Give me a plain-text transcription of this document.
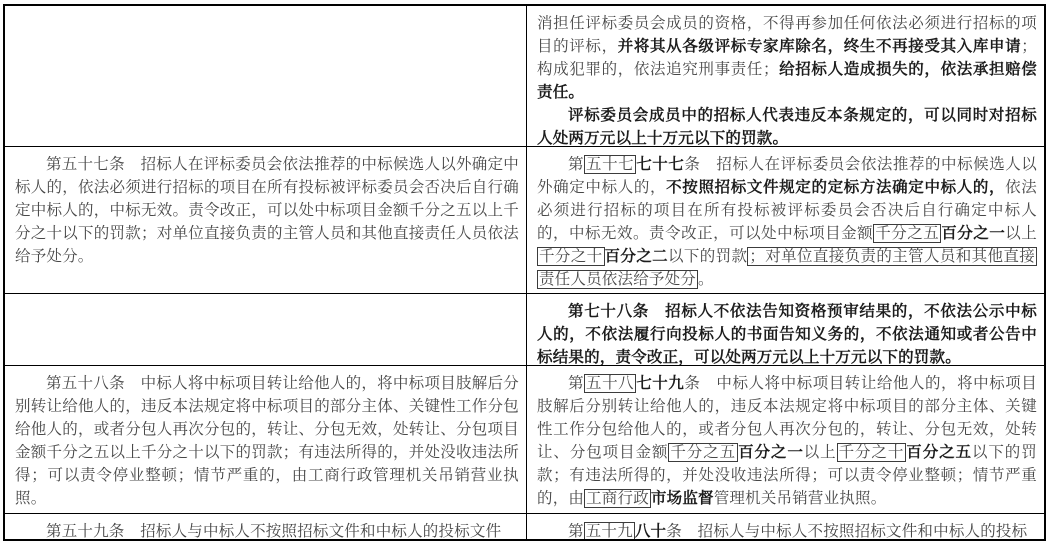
消担任评标委员会成员的资格，不得再参加任何依法必须进行招标的项目的评标，并将其从各级评标专家库除名，终生不再接受其入库申请；构成犯罪的，依法追究刑事责任；给招标人造成损失的，依法承担赔偿责任。

评标委员会成员中的招标人代表违反本条规定的，可以同时对招标人处两万元以上十万元以下的罚款。

第五十七条　招标人在评标委员会依法推荐的中标候选人以外确定中标人的，依法必须进行招标的项目在所有投标被评标委员会否决后自行确定中标人的，中标无效。责令改正，可以处中标项目金额千分之五以上千分之十以下的罚款；对单位直接负责的主管人员和其他直接责任人员依法给予处分。

第 五十七 七十七条　招标人在评标委员会依法推荐的中标候选人以外确定中标人的，不按照招标文件规定的定标方法确定中标人的，依法必须进行招标的项目在所有投标被评标委员会否决后自行确定中标人的，中标无效。责令改正，可以处中标项目金额 千分之五 百分之一以上千分之十 百分之二以下的罚款 ；对单位直接负责的主管人员和其他直接责任人员依法给予处分 。

第七十八条　招标人不依法告知资格预审结果的，不依法公示中标人的，不依法履行向投标人的书面告知义务的，不依法通知或者公告中标结果的，责令改正，可以处两万元以上十万元以下的罚款。

第五十八条　中标人将中标项目转让给他人的，将中标项目肢解后分别转让给他人的，违反本法规定将中标项目的部分主体、关键性工作分包给他人的，或者分包人再次分包的，转让、分包无效，处转让、分包项目金额千分之五以上千分之十以下的罚款；有违法所得的，并处没收违法所得；可以责令停业整顿；情节严重的，由工商行政管理机关吊销营业执照。

第 五十八 七十九条　中标人将中标项目转让给他人的，将中标项目肢解后分别转让给他人的，违反本法规定将中标项目的部分主体、关键性工作分包给他人的，或者分包人再次分包的，转让、分包无效，处转让、分包项目金额 千分之五 百分之一以上 千分之十 百分之五以下的罚款；有违法所得的，并处没收违法所得；可以责令停业整顿；情节严重的，由 工商行政 市场监督管理机关吊销营业执照。

第五十九条　招标人与中标人不按照招标文件和中标人的投标文件	第 五十九 八十条　招标人与中标人不按照招标文件和中标人的投标
